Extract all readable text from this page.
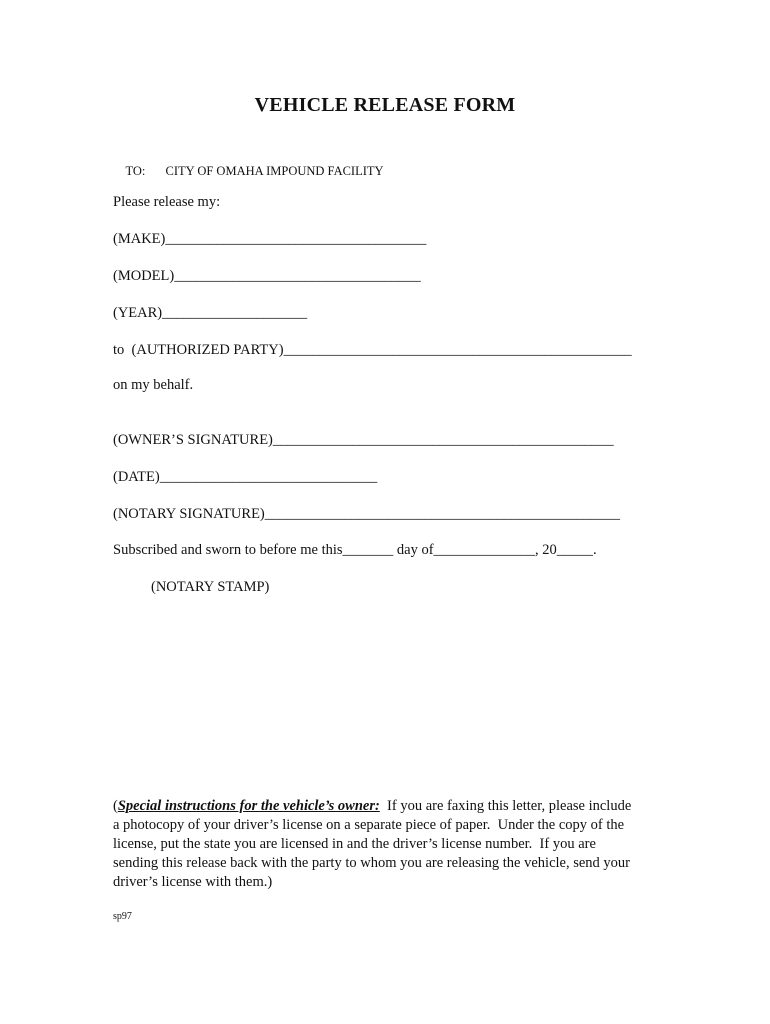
VEHICLE RELEASE FORM

TO: CITY OF OMAHA IMPOUND FACILITY

Please release my:
(MAKE)____________________________________
(MODEL)__________________________________
(YEAR)____________________
to  (AUTHORIZED PARTY)________________________________________________
on my behalf.
(OWNER’S SIGNATURE)_______________________________________________
(DATE)______________________________
(NOTARY SIGNATURE)_________________________________________________
Subscribed and sworn to before me this_______ day of______________, 20_____.
(NOTARY STAMP)
(Special instructions for the vehicle’s owner:  If you are faxing this letter, please include
a photocopy of your driver’s license on a separate piece of paper.  Under the copy of the
license, put the state you are licensed in and the driver’s license number.  If you are
sending this release back with the party to whom you are releasing the vehicle, send your
driver’s license with them.)
sp97
